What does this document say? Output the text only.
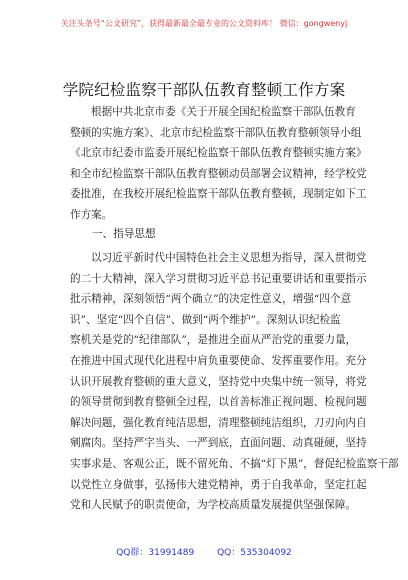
关注头条号“公文研究”，获得最新最全最专业的公文资料库！ 微信：gongwenyj
学院纪检监察干部队伍教育整顿工作方案
根据中共北京市委《关于开展全国纪检监察干部队伍教育
整顿的实施方案》、北京市纪检监察干部队伍教育整顿领导小组
《北京市纪委市监委开展纪检监察干部队伍教育整顿实施方案》
和全市纪检监察干部队伍教育整顿动员部署会议精神，经学校党
委批准，在我校开展纪检监察干部队伍教育整顿，现制定如下工
作方案。
一、指导思想
以习近平新时代中国特色社会主义思想为指导，深入贯彻党
的二十大精神，深入学习贯彻习近平总书记重要讲话和重要指示
批示精神，深刻领悟“两个确立”的决定性意义，增强“四个意
识”、坚定“四个自信”、做到“两个维护”。深刻认识纪检监
察机关是党的“纪律部队”，是推进全面从严治党的重要力量，
在推进中国式现代化进程中肩负重要使命、发挥重要作用。充分
认识开展教育整顿的重大意义，坚持党中央集中统一领导，将党
的领导贯彻到教育整顿全过程，以首善标准正视问题、检视问题
解决问题，强化教育纯洁思想，清理整顿纯洁组织，刀刃向内自
剜腐肉。坚持严字当头、一严到底，直面问题、动真碰硬，坚持
实事求是、客观公正，既不留死角、不搞“灯下黑”，督促纪检监察干部
以党性立身做事，弘扬伟大建党精神，勇于自我革命，坚定扛起
党和人民赋予的职责使命，为学校高质量发展提供坚强保障。
QQ群：31991489	QQ：535304092
